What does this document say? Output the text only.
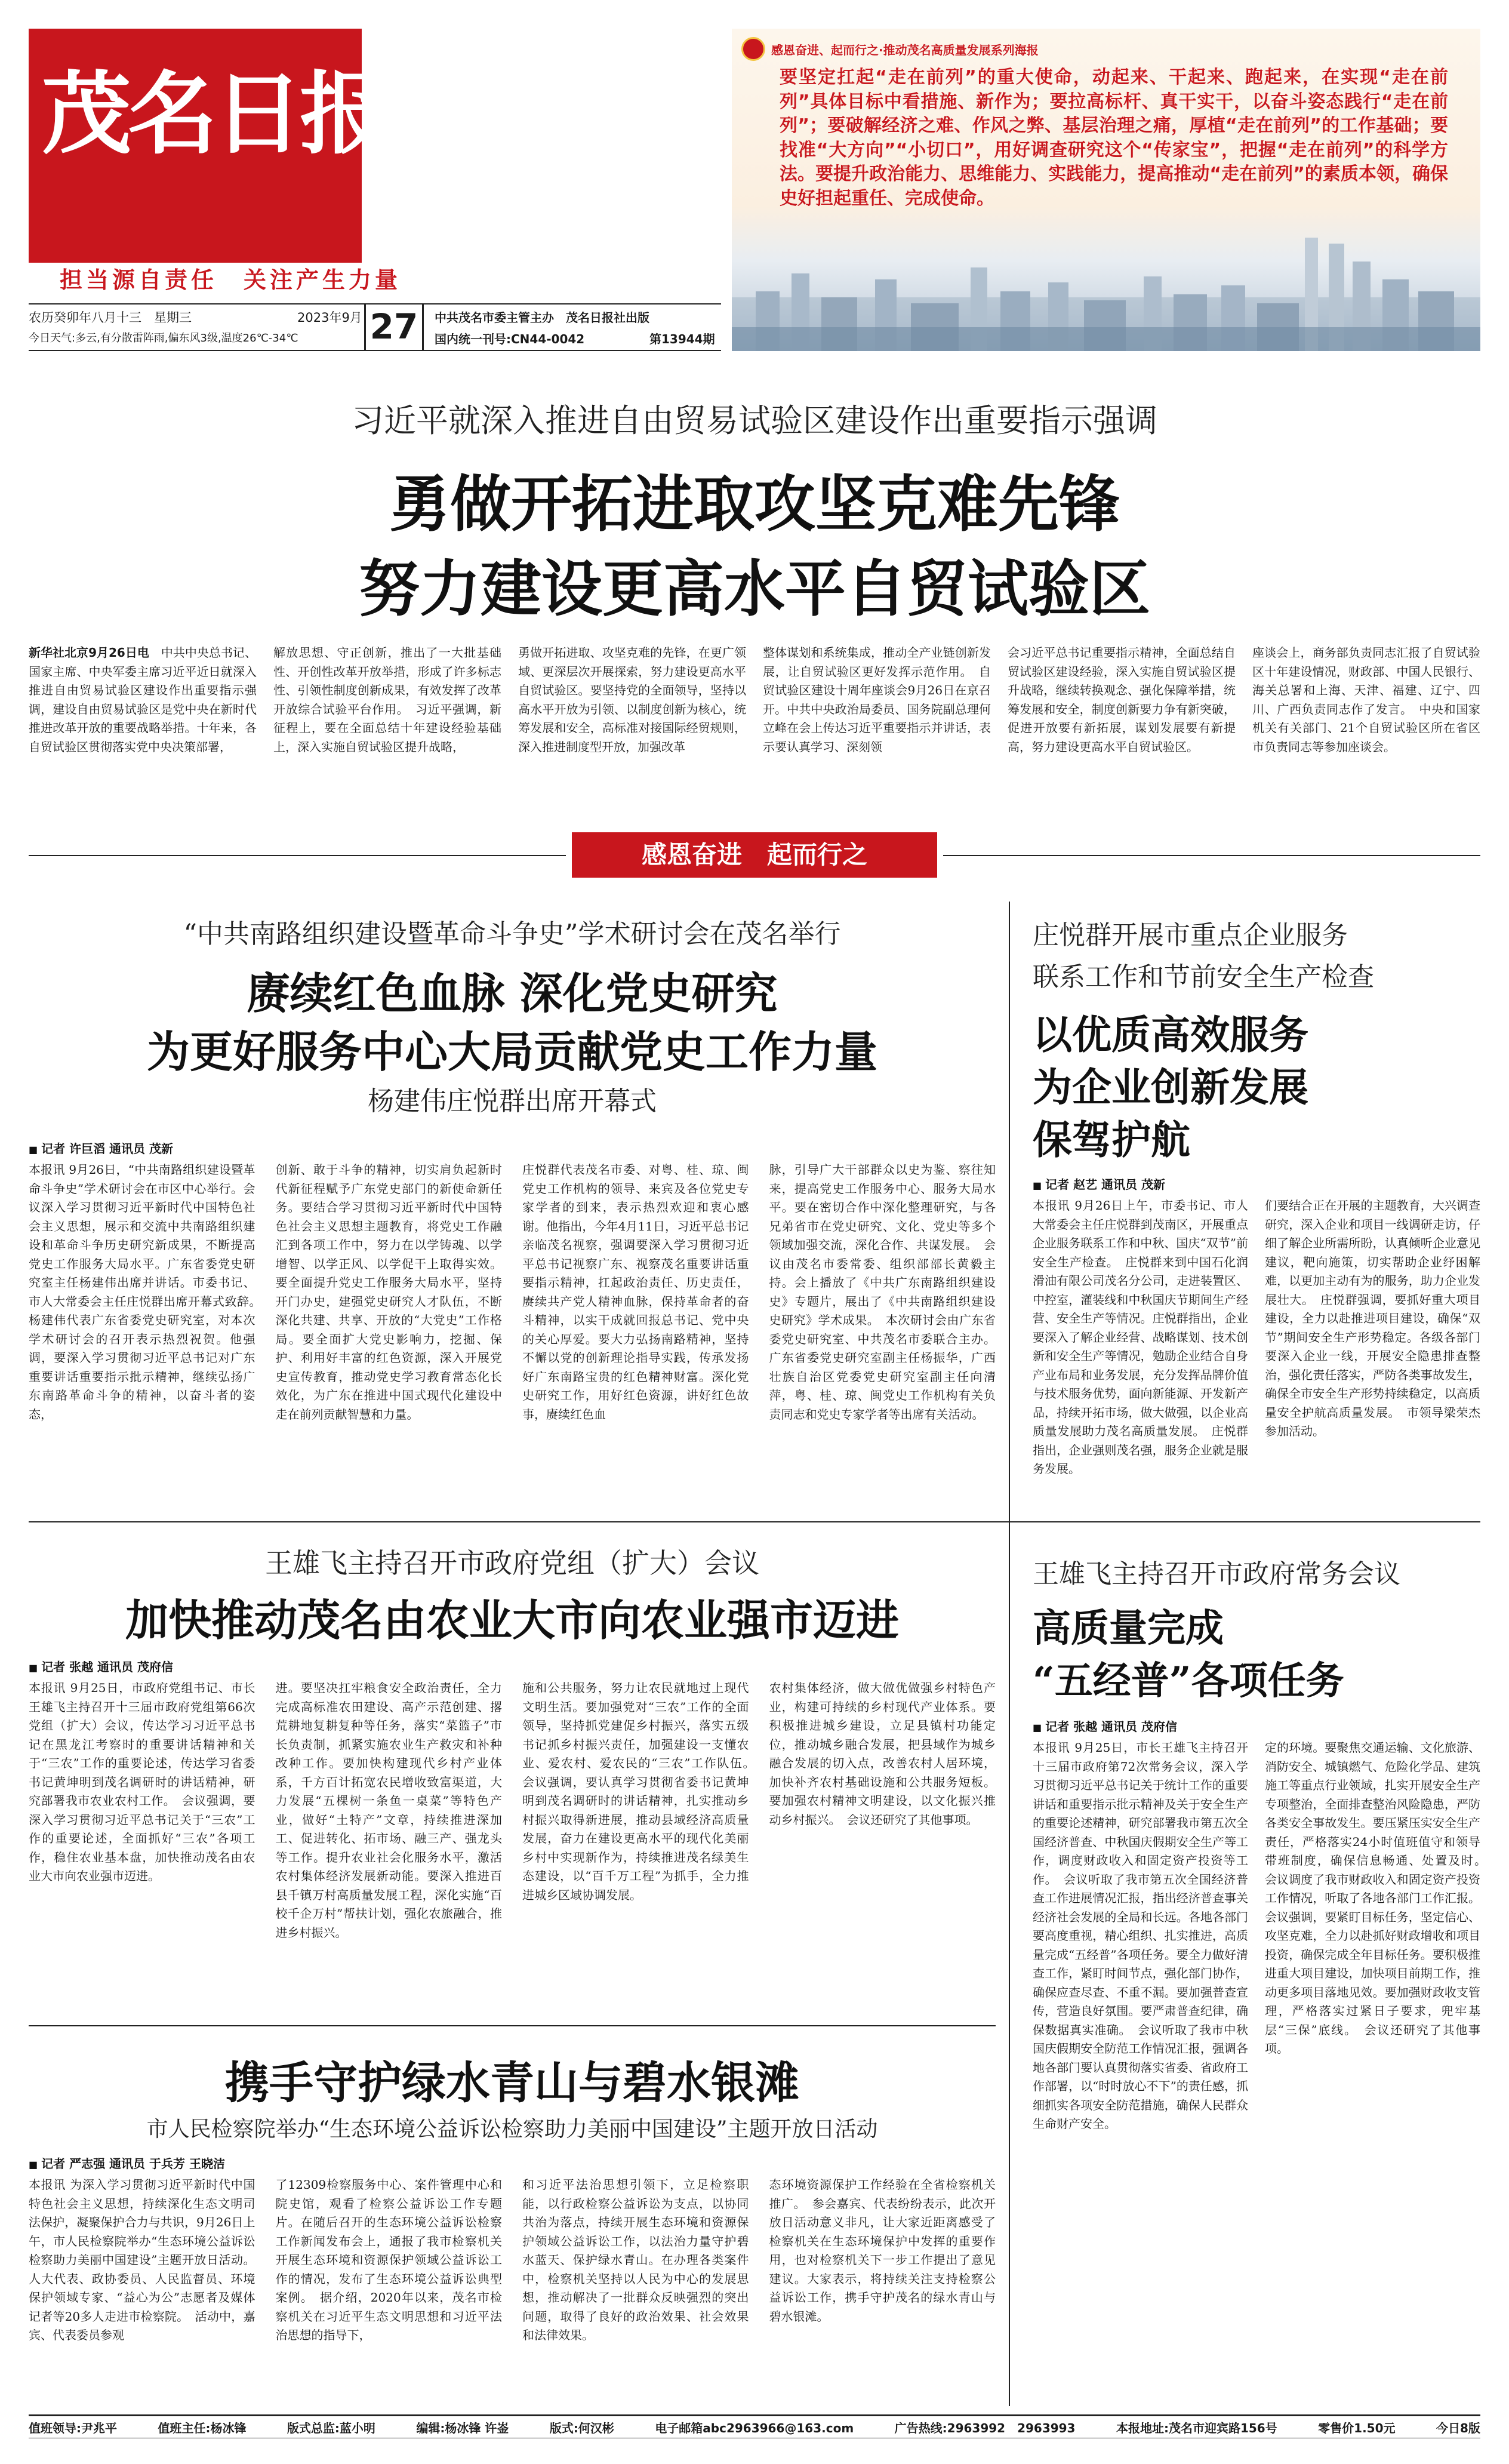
茂名日报
担当源自责任　关注产生力量
农历癸卯年八月十三　星期三	2023年9月
今日天气:多云,有分散雷阵雨,偏东风3级,温度26℃-34℃ 27	中共茂名市委主管主办　茂名日报社出版
国内统一刊号:CN44-0042	第13944期
感恩奋进、起而行之·推动茂名高质量发展系列海报
要坚定扛起“走在前列”的重大使命，动起来、干起来、跑起来，在实现“走在前列”具体目标中看措施、新作为；要拉高标杆、真干实干，以奋斗姿态践行“走在前列”；要破解经济之难、作风之弊、基层治理之痛，厚植“走在前列”的工作基础；要找准“大方向”“小切口”，用好调查研究这个“传家宝”，把握“走在前列”的科学方法。要提升政治能力、思维能力、实践能力，提高推动“走在前列”的素质本领，确保史好担起重任、完成使命。
习近平就深入推进自由贸易试验区建设作出重要指示强调
勇做开拓进取攻坚克难先锋
努力建设更高水平自贸试验区
新华社北京9月26日电　 中共中央总书记、国家主席、中央军委主席习近平近日就深入推进自由贸易试验区建设作出重要指示强调，建设自由贸易试验区是党中央在新时代推进改革开放的重要战略举措。十年来，各自贸试验区贯彻落实党中央决策部署，
解放思想、守正创新，推出了一大批基础性、开创性改革开放举措，形成了许多标志性、引领性制度创新成果，有效发挥了改革开放综合试验平台作用。　习近平强调，新征程上，要在全面总结十年建设经验基础上，深入实施自贸试验区提升战略，
勇做开拓进取、攻坚克难的先锋，在更广领域、更深层次开展探索，努力建设更高水平自贸试验区。要坚持党的全面领导，坚持以高水平开放为引领、以制度创新为核心，统筹发展和安全，高标准对接国际经贸规则，深入推进制度型开放，加强改革
整体谋划和系统集成，推动全产业链创新发展，让自贸试验区更好发挥示范作用。　自贸试验区建设十周年座谈会9月26日在京召开。中共中央政治局委员、国务院副总理何立峰在会上传达习近平重要指示并讲话，表示要认真学习、深刻领
会习近平总书记重要指示精神，全面总结自贸试验区建设经验，深入实施自贸试验区提升战略，继续转换观念、强化保障举措，统筹发展和安全，制度创新要力争有新突破，促进开放要有新拓展，谋划发展要有新提高，努力建设更高水平自贸试验区。
座谈会上，商务部负责同志汇报了自贸试验区十年建设情况，财政部、中国人民银行、海关总署和上海、天津、福建、辽宁、四川、广西负责同志作了发言。　中央和国家机关有关部门、21个自贸试验区所在省区市负责同志等参加座谈会。
感恩奋进　起而行之
“中共南路组织建设暨革命斗争史”学术研讨会在茂名举行
赓续红色血脉 深化党史研究
为更好服务中心大局贡献党史工作力量
杨建伟庄悦群出席开幕式
■ 记者 许巨滔 通讯员 茂新
本报讯 9月26日，“中共南路组织建设暨革命斗争史”学术研讨会在市区中心举行。会议深入学习贯彻习近平新时代中国特色社会主义思想，展示和交流中共南路组织建设和革命斗争历史研究新成果，不断提高党史工作服务大局水平。广东省委党史研究室主任杨建伟出席并讲话。市委书记、市人大常委会主任庄悦群出席开幕式致辞。　杨建伟代表广东省委党史研究室，对本次学术研讨会的召开表示热烈祝贺。他强调，要深入学习贯彻习近平总书记对广东重要讲话重要指示批示精神，继续弘扬广东南路革命斗争的精神，以奋斗者的姿态，
创新、敢于斗争的精神，切实肩负起新时代新征程赋予广东党史部门的新使命新任务。要结合学习贯彻习近平新时代中国特色社会主义思想主题教育，将党史工作融汇到各项工作中，努力在以学铸魂、以学增智、以学正风、以学促干上取得实效。要全面提升党史工作服务大局水平，坚持开门办史，建强党史研究人才队伍，不断深化共建、共享、开放的“大党史”工作格局。要全面扩大党史影响力，挖掘、保护、利用好丰富的红色资源，深入开展党史宣传教育，推动党史学习教育常态化长效化，为广东在推进中国式现代化建设中走在前列贡献智慧和力量。
庄悦群代表茂名市委、对粤、桂、琼、闽党史工作机构的领导、来宾及各位党史专家学者的到来，表示热烈欢迎和衷心感谢。他指出，今年4月11日，习近平总书记亲临茂名视察，强调要深入学习贯彻习近平总书记视察广东、视察茂名重要讲话重要指示精神，扛起政治责任、历史责任，赓续共产党人精神血脉，保持革命者的奋斗精神，以实干成就回报总书记、党中央的关心厚爱。要大力弘扬南路精神，坚持不懈以党的创新理论指导实践，传承发扬好广东南路宝贵的红色精神财富。深化党史研究工作，用好红色资源，讲好红色故事，赓续红色血
脉，引导广大干部群众以史为鉴、察往知来，提高党史工作服务中心、服务大局水平。要在密切合作中深化整理研究，与各兄弟省市在党史研究、文化、党史等多个领域加强交流，深化合作、共谋发展。　会议由茂名市委常委、组织部部长黄毅主持。会上播放了《中共广东南路组织建设史》专题片，展出了《中共南路组织建设史研究》学术成果。　本次研讨会由广东省委党史研究室、中共茂名市委联合主办。广东省委党史研究室副主任杨振华，广西壮族自治区党委党史研究室副主任向清萍，粤、桂、琼、闽党史工作机构有关负责同志和党史专家学者等出席有关活动。
庄悦群开展市重点企业服务
联系工作和节前安全生产检查
以优质高效服务
为企业创新发展
保驾护航
■ 记者 赵艺 通讯员 茂新
本报讯 9月26日上午，市委书记、市人大常委会主任庄悦群到茂南区，开展重点企业服务联系工作和中秋、国庆“双节”前安全生产检查。　庄悦群来到中国石化润滑油有限公司茂名分公司，走进装置区、中控室，灌装线和中秋国庆节期间生产经营、安全生产等情况。庄悦群指出，企业要深入了解企业经营、战略谋划、技术创新和安全生产等情况，勉励企业结合自身产业布局和业务发展，充分发挥品牌价值与技术服务优势，面向新能源、开发新产品，持续开拓市场，做大做强，以企业高质量发展助力茂名高质量发展。　庄悦群指出，企业强则茂名强，服务企业就是服务发展。
们要结合正在开展的主题教育，大兴调查研究，深入企业和项目一线调研走访，仔细了解企业所需所盼，认真倾听企业意见建议，靶向施策，切实帮助企业纾困解难，以更加主动有为的服务，助力企业发展壮大。　庄悦群强调，要抓好重大项目建设，全力以赴推进项目建设，确保“双节”期间安全生产形势稳定。各级各部门要深入企业一线，开展安全隐患排查整治，强化责任落实，严防各类事故发生，确保全市安全生产形势持续稳定，以高质量安全护航高质量发展。　市领导梁荣杰参加活动。
王雄飞主持召开市政府党组（扩大）会议
加快推动茂名由农业大市向农业强市迈进
■ 记者 张越 通讯员 茂府信
本报讯 9月25日，市政府党组书记、市长王雄飞主持召开十三届市政府党组第66次党组（扩大）会议，传达学习习近平总书记在黑龙江考察时的重要讲话精神和关于“三农”工作的重要论述，传达学习省委书记黄坤明到茂名调研时的讲话精神，研究部署我市农业农村工作。　会议强调，要深入学习贯彻习近平总书记关于“三农”工作的重要论述，全面抓好“三农”各项工作，稳住农业基本盘，加快推动茂名由农业大市向农业强市迈进。
进。要坚决扛牢粮食安全政治责任，全力完成高标准农田建设、高产示范创建、撂荒耕地复耕复种等任务，落实“菜篮子”市长负责制，抓紧实施农业生产救灾和补种改种工作。要加快构建现代乡村产业体系，千方百计拓宽农民增收致富渠道，大力发展“五棵树一条鱼一桌菜”等特色产业，做好“土特产”文章，持续推进深加工、促进转化、拓市场、融三产、强龙头等工作。提升农业社会化服务水平，激活农村集体经济发展新动能。要深入推进百县千镇万村高质量发展工程，深化实施“百校千企万村”帮扶计划，强化农旅融合，推进乡村振兴。
施和公共服务，努力让农民就地过上现代文明生活。要加强党对“三农”工作的全面领导，坚持抓党建促乡村振兴，落实五级书记抓乡村振兴责任，加强建设一支懂农业、爱农村、爱农民的“三农”工作队伍。　会议强调，要认真学习贯彻省委书记黄坤明到茂名调研时的讲话精神，扎实推动乡村振兴取得新进展，推动县域经济高质量发展，奋力在建设更高水平的现代化美丽乡村中实现新作为，持续推进茂名绿美生态建设，以“百千万工程”为抓手，全力推进城乡区域协调发展。
农村集体经济，做大做优做强乡村特色产业，构建可持续的乡村现代产业体系。要积极推进城乡建设，立足县镇村功能定位，推动城乡融合发展，把县域作为城乡融合发展的切入点，改善农村人居环境，加快补齐农村基础设施和公共服务短板。要加强农村精神文明建设，以文化振兴推动乡村振兴。　会议还研究了其他事项。
王雄飞主持召开市政府常务会议
高质量完成
“五经普”各项任务
■ 记者 张越 通讯员 茂府信
本报讯 9月25日，市长王雄飞主持召开十三届市政府第72次常务会议，深入学习贯彻习近平总书记关于统计工作的重要讲话和重要指示批示精神及关于安全生产的重要论述精神，研究部署我市第五次全国经济普查、中秋国庆假期安全生产等工作，调度财政收入和固定资产投资等工作。　会议听取了我市第五次全国经济普查工作进展情况汇报，指出经济普查事关经济社会发展的全局和长远。各地各部门要高度重视，精心组织、扎实推进，高质量完成“五经普”各项任务。要全力做好清查工作，紧盯时间节点，强化部门协作，确保应查尽查、不重不漏。要加强普查宣传，营造良好氛围。要严肃普查纪律，确保数据真实准确。　会议听取了我市中秋国庆假期安全防范工作情况汇报，强调各地各部门要认真贯彻落实省委、省政府工作部署，以“时时放心不下”的责任感，抓细抓实各项安全防范措施，确保人民群众生命财产安全。
定的环境。要聚焦交通运输、文化旅游、消防安全、城镇燃气、危险化学品、建筑施工等重点行业领域，扎实开展安全生产专项整治，全面排查整治风险隐患，严防各类安全事故发生。要压紧压实安全生产责任，严格落实24小时值班值守和领导带班制度，确保信息畅通、处置及时。　会议调度了我市财政收入和固定资产投资工作情况，听取了各地各部门工作汇报。会议强调，要紧盯目标任务，坚定信心、攻坚克难，全力以赴抓好财政增收和项目投资，确保完成全年目标任务。要积极推进重大项目建设，加快项目前期工作，推动更多项目落地见效。要加强财政收支管理，严格落实过紧日子要求，兜牢基层“三保”底线。　会议还研究了其他事项。
携手守护绿水青山与碧水银滩
市人民检察院举办“生态环境公益诉讼检察助力美丽中国建设”主题开放日活动
■ 记者 严志强 通讯员 于兵芳 王晓洁
本报讯 为深入学习贯彻习近平新时代中国特色社会主义思想，持续深化生态文明司法保护，凝聚保护合力与共识，9月26日上午，市人民检察院举办“生态环境公益诉讼检察助力美丽中国建设”主题开放日活动。人大代表、政协委员、人民监督员、环境保护领域专家、“益心为公”志愿者及媒体记者等20多人走进市检察院。　活动中，嘉宾、代表委员参观
了12309检察服务中心、案件管理中心和院史馆，观看了检察公益诉讼工作专题片。在随后召开的生态环境公益诉讼检察工作新闻发布会上，通报了我市检察机关开展生态环境和资源保护领域公益诉讼工作的情况，发布了生态环境公益诉讼典型案例。　据介绍，2020年以来，茂名市检察机关在习近平生态文明思想和习近平法治思想的指导下，
和习近平法治思想引领下，立足检察职能，以行政检察公益诉讼为支点，以协同共治为落点，持续开展生态环境和资源保护领域公益诉讼工作，以法治力量守护碧水蓝天、保护绿水青山。在办理各类案件中，检察机关坚持以人民为中心的发展思想，推动解决了一批群众反映强烈的突出问题，取得了良好的政治效果、社会效果和法律效果。
态环境资源保护工作经验在全省检察机关推广。　参会嘉宾、代表纷纷表示，此次开放日活动意义非凡，让大家近距离感受了检察机关在生态环境保护中发挥的重要作用，也对检察机关下一步工作提出了意见建议。大家表示，将持续关注支持检察公益诉讼工作，携手守护茂名的绿水青山与碧水银滩。
值班领导:尹兆平	值班主任:杨冰锋	版式总监:蓝小明	编辑:杨冰锋 许崟	版式:何汉彬	电子邮箱abc2963966@163.com	广告热线:2963992　2963993	本报地址:茂名市迎宾路156号	零售价1.50元	今日8版
